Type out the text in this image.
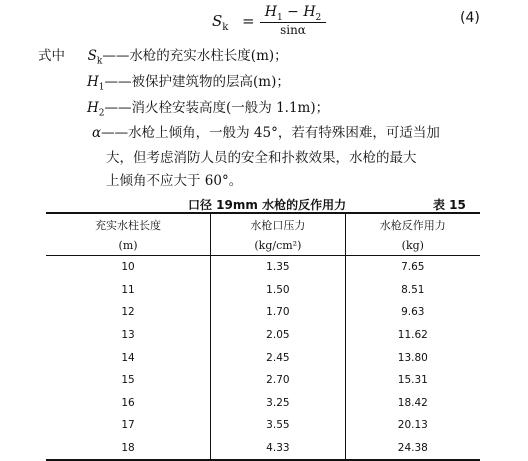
$S_k = H_1 - H_2$
sinα
(4)
式中 $S_k——$水枪的充实水柱长度(m)；
$H_1——$被保护建筑物的层高(m)；
$H_2——$消火栓安装高度(一般为 1.1m)；
α——水枪上倾角，一般为 45°，若有特殊困难，可适当加
大，但考虑消防人员的安全和扑救效果，水枪的最大
上倾角不应大于 60°。
口径 19mm 水枪的反作用力	表 15
充实水柱长度	水枪口压力	水枪反作用力
(m)	(kg/cm²)	(kg)
10	1.35	7.65
11	1.50	8.51
12	1.70	9.63
13	2.05	11.62
14	2.45	13.80
15	2.70	15.31
16	3.25	18.42
17	3.55	20.13
18	4.33	24.38
